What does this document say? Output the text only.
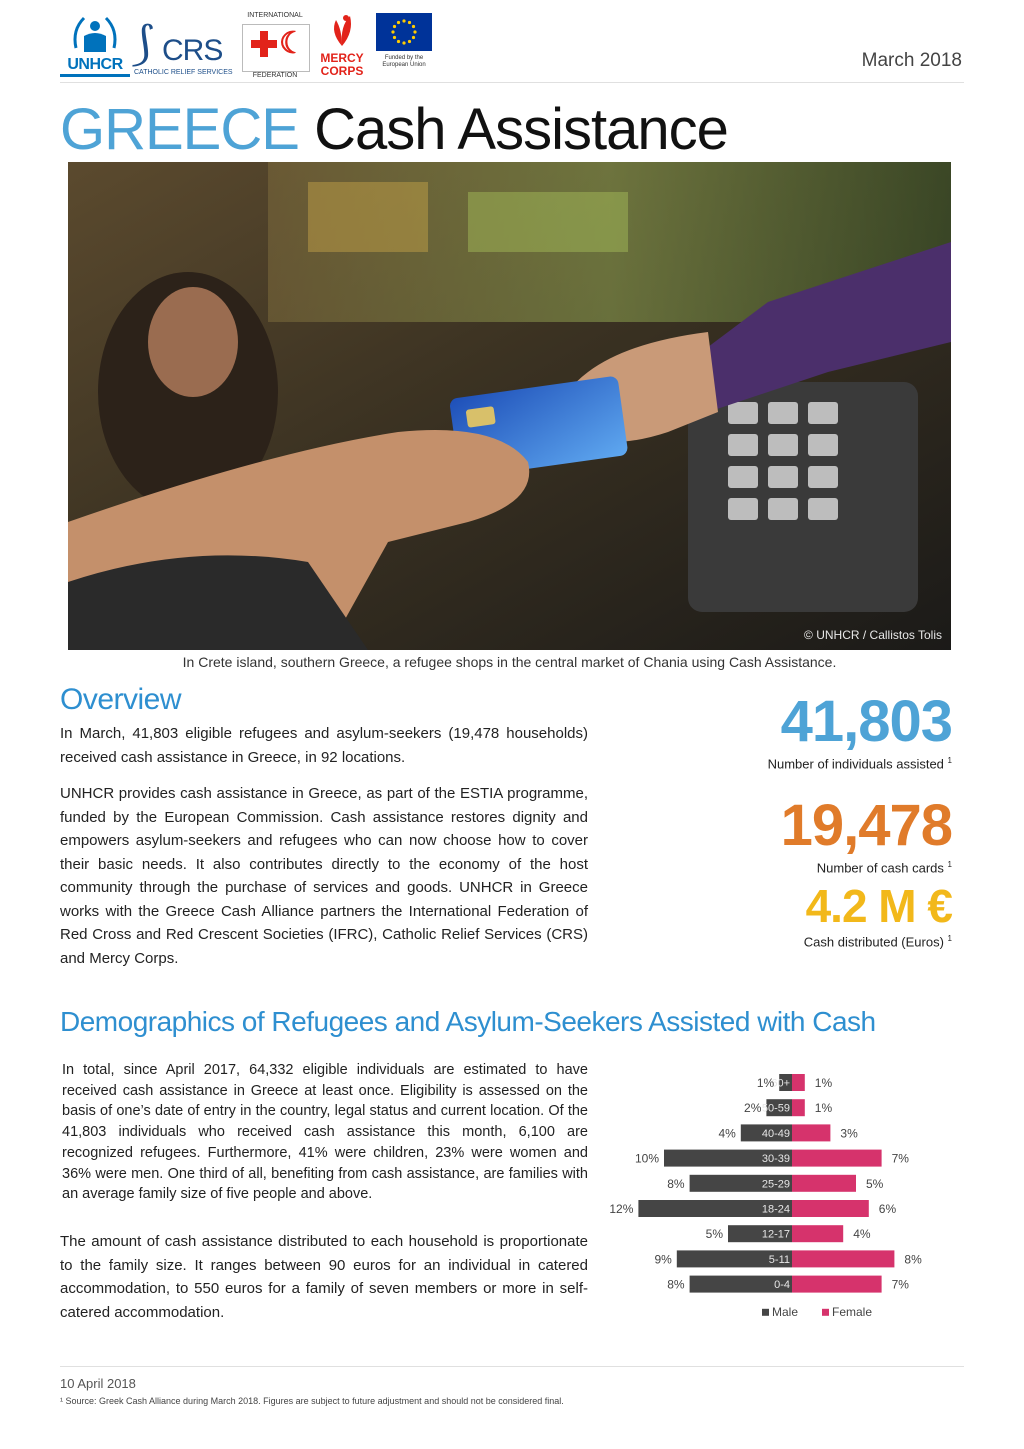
UNHCR ⟆ CRS
CATHOLIC RELIEF SERVICES
INTERNATIONAL
☾
FEDERATION
MERCY CORPS
Funded by the European Union	March 2018
GREECE Cash Assistance
© UNHCR / Callistos Tolis
In Crete island, southern Greece, a refugee shops in the central market of Chania using Cash Assistance.
Overview

In March, 41,803 eligible refugees and asylum-seekers (19,478 households) received cash assistance in Greece, in 92 locations.

UNHCR provides cash assistance in Greece, as part of the ESTIA programme, funded by the European Commission. Cash assistance restores dignity and empowers asylum-seekers and refugees who can now choose how to cover their basic needs. It also contributes directly to the economy of the host community through the purchase of services and goods. UNHCR in Greece works with the Greece Cash Alliance partners the International Federation of Red Cross and Red Crescent Societies (IFRC), Catholic Relief Services (CRS) and Mercy Corps.

41,803
Number of individuals assisted $^1$
19,478
Number of cash cards $^1$
4.2 M €
Cash distributed (Euros) $^1$
Demographics of Refugees and Asylum-Seekers Assisted with Cash

In total, since April 2017, 64,332 eligible individuals are estimated to have received cash assistance in Greece at least once. Eligibility is assessed on the basis of one’s date of entry in the country, legal status and current location. Of the 41,803 individuals who received cash assistance this month, 6,100 are recognized refugees. Furthermore, 41% were children, 23% were women and 36% were men. One third of all, benefiting from cash assistance, are families with an average family size of five people and above.

The amount of cash assistance distributed to each household is proportionate to the family size. It ranges between 90 euros for an individual in catered accommodation, to 550 euros for a family of seven members or more in self-catered accommodation.

60+
1%	1%
50-59
2%	1%
40-49
4%	3%
30-39
10%	7%
25-29
8%	5%
18-24
12%	6%
12-17
5%	4%
5-11
9%	8%
0-4
8%	7%
Male	Female
10 April 2018
¹ Source: Greek Cash Alliance during March 2018. Figures are subject to future adjustment and should not be considered final.
